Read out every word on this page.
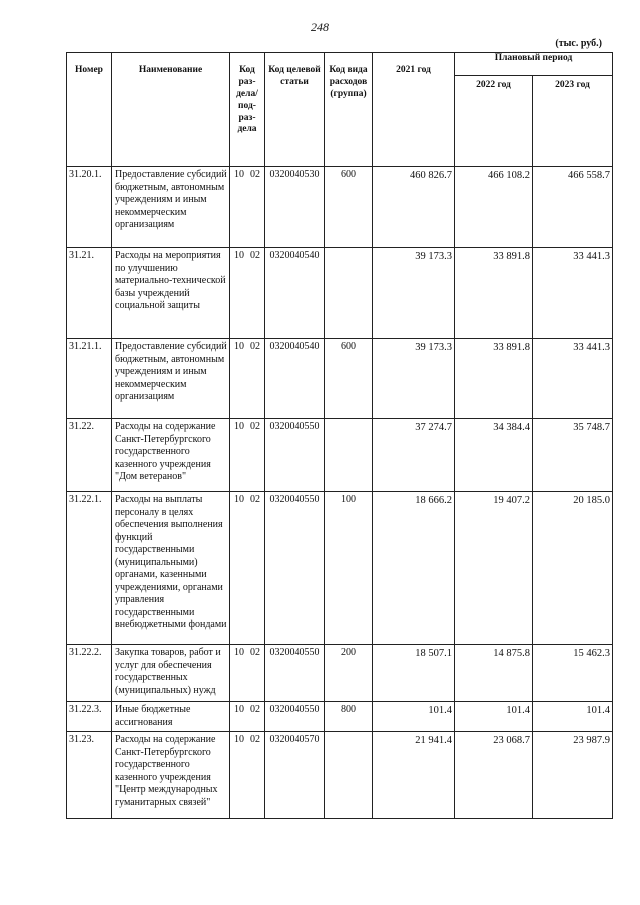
248
(тыс. руб.)
Номер	Наименование	Код раз-дела/ под-раз-дела	Код целевой статьи	Код вида расходов (группа)	2021 год	Плановый период	

						2022 год	2023 год

31.20.1.	Предоставление субсидий бюджетным, автономным учреждениям и иным некоммерческим организациям	10 02	0320040530	600	460 826.7	466 108.2	466 558.7
31.21.	Расходы на мероприятия по улучшению материально-технической базы учреждений социальной защиты	10 02	0320040540		39 173.3	33 891.8	33 441.3
31.21.1.	Предоставление субсидий бюджетным, автономным учреждениям и иным некоммерческим организациям	10 02	0320040540	600	39 173.3	33 891.8	33 441.3
31.22.	Расходы на содержание Санкт-Петербургского государственного казенного учреждения "Дом ветеранов"	10 02	0320040550		37 274.7	34 384.4	35 748.7
31.22.1.	Расходы на выплаты персоналу в целях обеспечения выполнения функций государственными (муниципальными) органами, казенными учреждениями, органами управления государственными внебюджетными фондами	10 02	0320040550	100	18 666.2	19 407.2	20 185.0
31.22.2.	Закупка товаров, работ и услуг для обеспечения государственных (муниципальных) нужд	10 02	0320040550	200	18 507.1	14 875.8	15 462.3
31.22.3.	Иные бюджетные ассигнования	10 02	0320040550	800	101.4	101.4	101.4
31.23.	Расходы на содержание Санкт-Петербургского государственного казенного учреждения "Центр международных гуманитарных связей"	10 02	0320040570		21 941.4	23 068.7	23 987.9
